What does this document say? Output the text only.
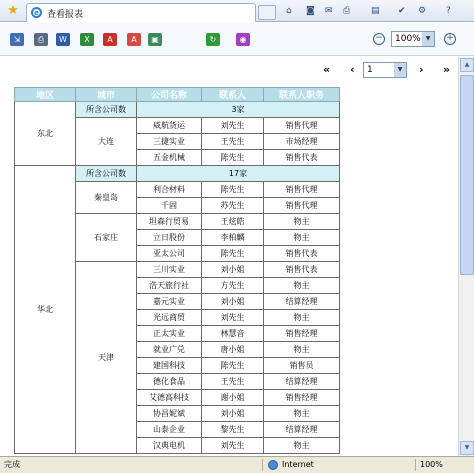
★	e 查看报表	⌂ ◙ ✉ ⎙ ▤ ✔ ⚙ ?
⇲	⎙	W	X	A	A	▣	↻	◉	−	100% ▼	+
« ‹	1	▼	› »
地区	城市	公司名称	联系人	联系人职务
东北	所含公司数	3家		
	大连	威航货运	刘先生	销售代理
		三捷实业	王先生	市场经理
		五金机械	陈先生	销售代表
华北	所含公司数	17家		
	秦皇岛	利合材料	陈先生	销售代理
		千固	苏先生	销售代理
	石家庄	坦森行贸易	王炫皓	物主
		立日股份	李柏麟	物主
		亚太公司	陈先生	销售代表
	天津	三川实业	刘小姐	销售代表
		浩天旅行社	方先生	物主
		嘉元实业	刘小姐	结算经理
		光远商贸	刘先生	物主
		正太实业	林慧音	销售经理
		就业广兑	唐小姐	物主
		建国科技	陈先生	销售员
		德化食品	王先生	结算经理
		艾德高科技	谢小姐	销售经理
		协昌妮斌	刘小姐	物主
		山泰企业	黎先生	结算经理
		汉典电机	刘先生	物主
▲
▼
完成	Internet	100%
